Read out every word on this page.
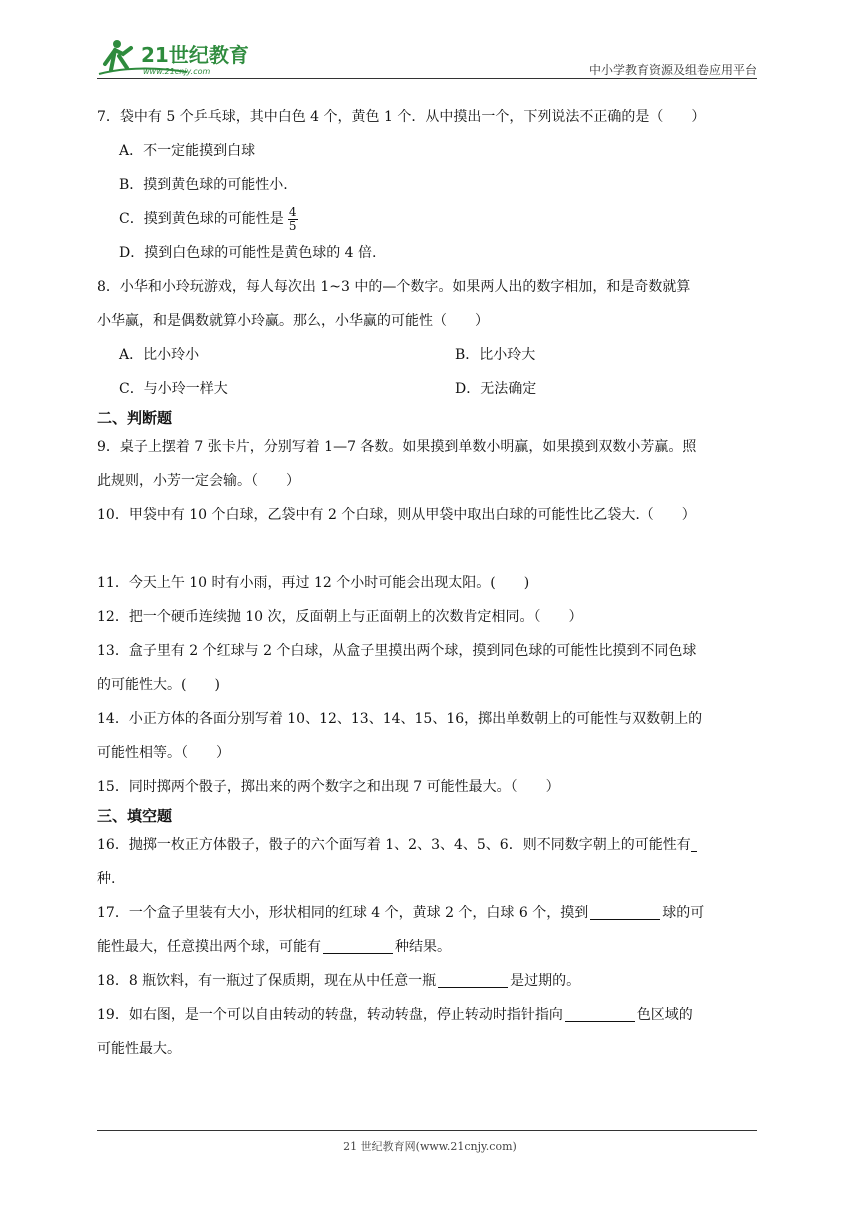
21世纪教育
www.21cnjy.com	中小学教育资源及组卷应用平台
7．袋中有 5 个乒乓球，其中白色 4 个，黄色 1 个．从中摸出一个，下列说法不正确的是（　　）
A．不一定能摸到白球
B．摸到黄色球的可能性小.
C．摸到黄色球的可能性是 $\frac{4}{5}$
D．摸到白色球的可能性是黄色球的 4 倍.
8．小华和小玲玩游戏，每人每次出 1~3 中的—个数字。如果两人出的数字相加，和是奇数就算
小华赢，和是偶数就算小玲赢。那么，小华赢的可能性（　　）
A．比小玲小	B．比小玲大
C．与小玲一样大	D．无法确定
二、判断题
9．桌子上摆着 7 张卡片，分别写着 1—7 各数。如果摸到单数小明赢，如果摸到双数小芳赢。照
此规则，小芳一定会输。（　　）
10．甲袋中有 10 个白球，乙袋中有 2 个白球，则从甲袋中取出白球的可能性比乙袋大.（　　）
11．今天上午 10 时有小雨，再过 12 个小时可能会出现太阳。(　　)
12．把一个硬币连续抛 10 次，反面朝上与正面朝上的次数肯定相同。（　　）
13．盒子里有 2 个红球与 2 个白球，从盒子里摸出两个球，摸到同色球的可能性比摸到不同色球
的可能性大。(　　)
14．小正方体的各面分别写着 10、12、13、14、15、16，掷出单数朝上的可能性与双数朝上的
可能性相等。（　　）
15．同时掷两个骰子，掷出来的两个数字之和出现 7 可能性最大。（　　）
三、填空题
16．抛掷一枚正方体骰子，骰子的六个面写着 1、2、3、4、5、6．则不同数字朝上的可能性有
种.
17．一个盒子里装有大小，形状相同的红球 4 个，黄球 2 个，白球 6 个，摸到	球的可
能性最大，任意摸出两个球，可能有	种结果。
18．8 瓶饮料，有一瓶过了保质期，现在从中任意一瓶	是过期的。
19．如右图，是一个可以自由转动的转盘，转动转盘，停止转动时指针指向	色区域的
可能性最大。
21 世纪教育网(www.21cnjy.com)
